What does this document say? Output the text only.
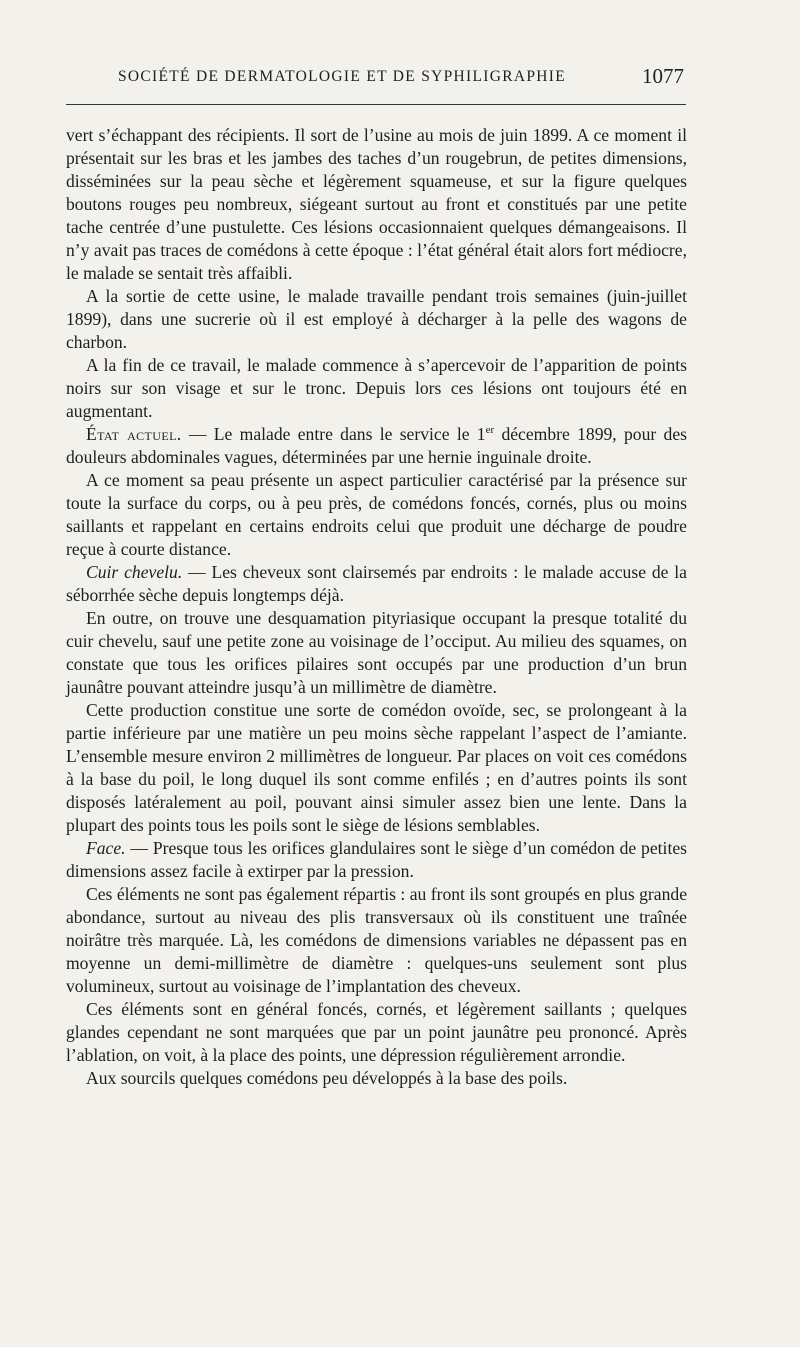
SOCIÉTÉ DE DERMATOLOGIE ET DE SYPHILIGRAPHIE	1077

vert s’échappant des récipients. Il sort de l’usine au mois de juin 1899. A ce moment il présentait sur les bras et les jambes des taches d’un rougebrun, de petites dimensions, disséminées sur la peau sèche et légèrement squameuse, et sur la figure quelques boutons rouges peu nombreux, siégeant surtout au front et constitués par une petite tache centrée d’une pustulette. Ces lésions occasionnaient quelques démangeaisons. Il n’y avait pas traces de comédons à cette époque : l’état général était alors fort médiocre, le malade se sentait très affaibli.

A la sortie de cette usine, le malade travaille pendant trois semaines (juin-juillet 1899), dans une sucrerie où il est employé à décharger à la pelle des wagons de charbon.

A la fin de ce travail, le malade commence à s’apercevoir de l’apparition de points noirs sur son visage et sur le tronc. Depuis lors ces lésions ont toujours été en augmentant.

État actuel. — Le malade entre dans le service le 1er décembre 1899, pour des douleurs abdominales vagues, déterminées par une hernie inguinale droite.

A ce moment sa peau présente un aspect particulier caractérisé par la présence sur toute la surface du corps, ou à peu près, de comédons foncés, cornés, plus ou moins saillants et rappelant en certains endroits celui que produit une décharge de poudre reçue à courte distance.

Cuir chevelu. — Les cheveux sont clairsemés par endroits : le malade accuse de la séborrhée sèche depuis longtemps déjà.

En outre, on trouve une desquamation pityriasique occupant la presque totalité du cuir chevelu, sauf une petite zone au voisinage de l’occiput. Au milieu des squames, on constate que tous les orifices pilaires sont occupés par une production d’un brun jaunâtre pouvant atteindre jusqu’à un millimètre de diamètre.

Cette production constitue une sorte de comédon ovoïde, sec, se prolongeant à la partie inférieure par une matière un peu moins sèche rappelant l’aspect de l’amiante. L’ensemble mesure environ 2 millimètres de longueur. Par places on voit ces comédons à la base du poil, le long duquel ils sont comme enfilés ; en d’autres points ils sont disposés latéralement au poil, pouvant ainsi simuler assez bien une lente. Dans la plupart des points tous les poils sont le siège de lésions semblables.

Face. — Presque tous les orifices glandulaires sont le siège d’un comédon de petites dimensions assez facile à extirper par la pression.

Ces éléments ne sont pas également répartis : au front ils sont groupés en plus grande abondance, surtout au niveau des plis transversaux où ils constituent une traînée noirâtre très marquée. Là, les comédons de dimensions variables ne dépassent pas en moyenne un demi-millimètre de diamètre : quelques-uns seulement sont plus volumineux, surtout au voisinage de l’implantation des cheveux.

Ces éléments sont en général foncés, cornés, et légèrement saillants ; quelques glandes cependant ne sont marquées que par un point jaunâtre peu prononcé. Après l’ablation, on voit, à la place des points, une dépression régulièrement arrondie.

Aux sourcils quelques comédons peu développés à la base des poils.
